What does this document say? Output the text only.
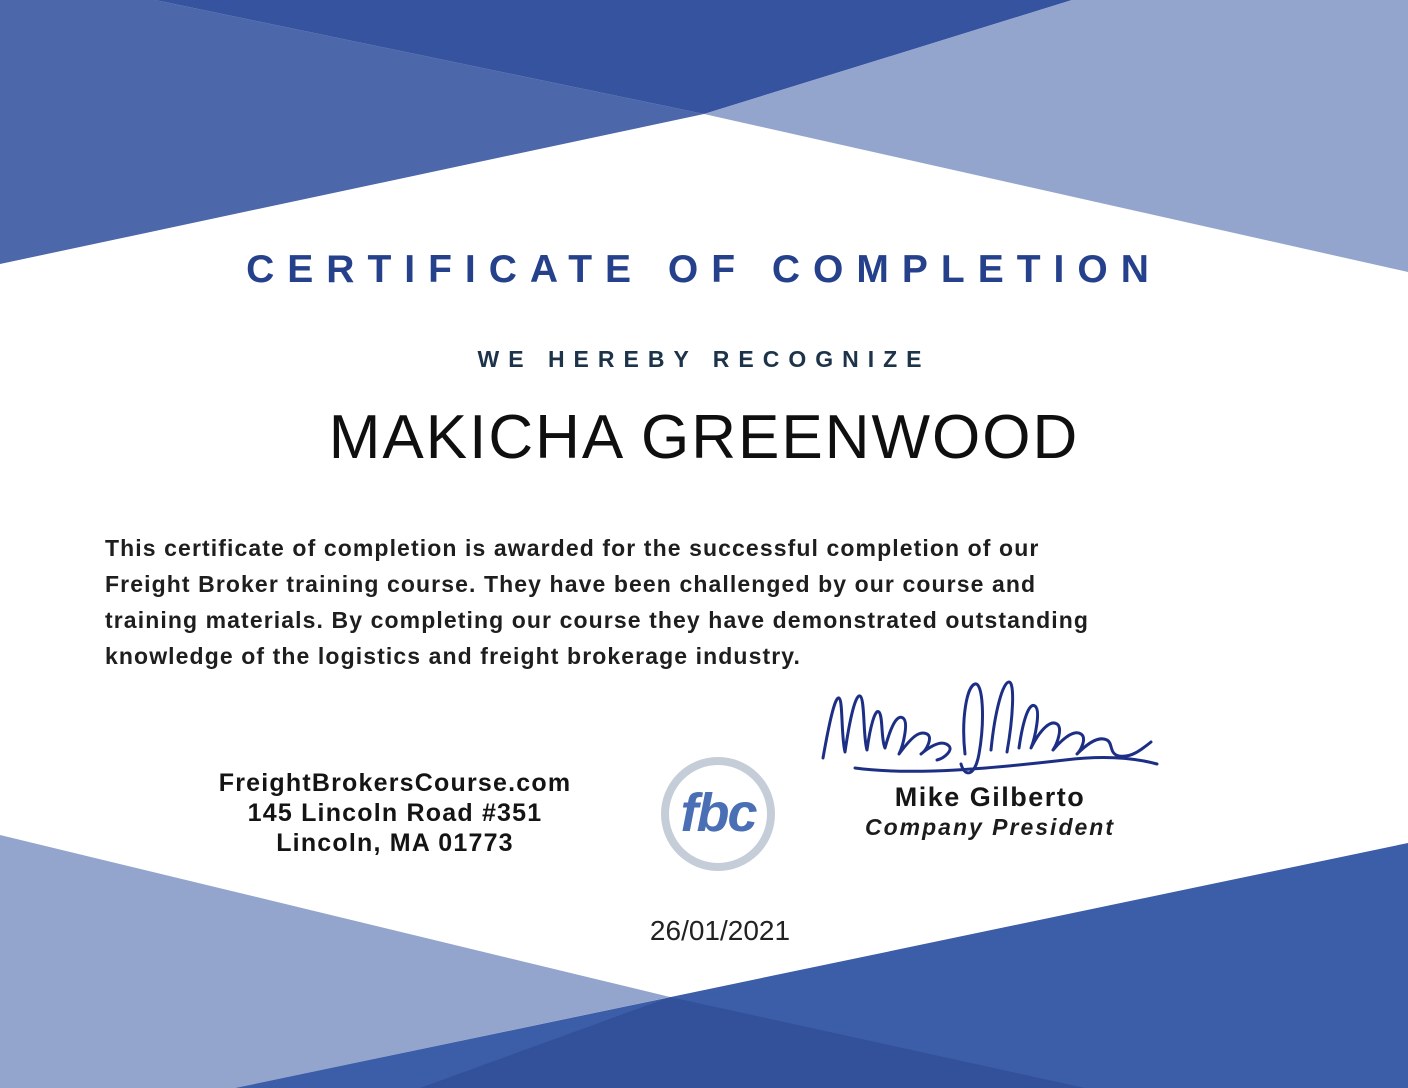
CERTIFICATE OF COMPLETION
WE HEREBY RECOGNIZE
MAKICHA GREENWOOD
This certificate of completion is awarded for the successful completion of our
Freight Broker training course. They have been challenged by our course and
training materials. By completing our course they have demonstrated outstanding
knowledge of the logistics and freight brokerage industry.
FreightBrokersCourse.com
145 Lincoln Road #351
Lincoln, MA 01773	fbc	Mike Gilberto
Company President
26/01/2021
